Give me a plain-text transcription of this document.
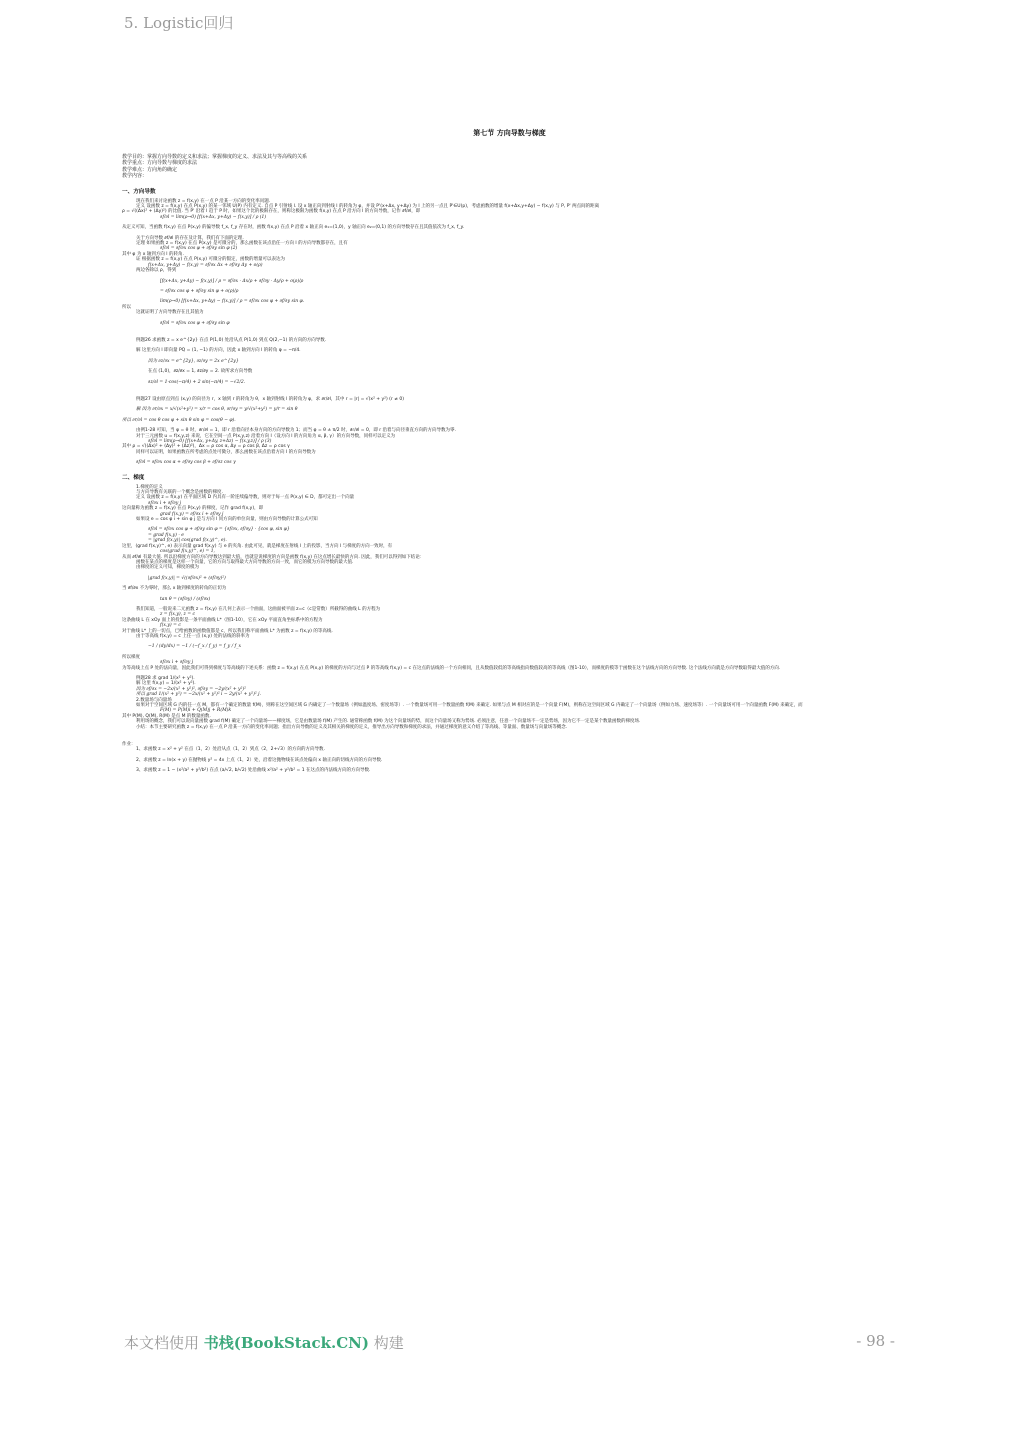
5. Logistic回归
第七节 方向导数与梯度

教学目的：掌握方向导数的定义和求法；掌握梯度的定义、求法及其与等高线的关系

教学重点：方向导数与梯度的求法

教学难点：方向角的确定

教学内容：

一、方向导数
现在我们来讨论函数 z = f(x,y) 在一点 P 沿某一方向的变化率问题.
定义 设函数 z = f(x,y) 在点 P(x,y) 的某一邻域 U(P) 内有定义. 自点 P 引射线 l. 设 x 轴正向到射线 l 的转角为 φ，并设 P'(x+Δx, y+Δy) 为 l 上的另一点且 P'∈U(p)，考虑函数的增量 f(x+Δx,y+Δy) − f(x,y) 与 P, P' 两点间的距离
ρ = √((Δx)² + (Δy)²) 的比值. 当 P' 沿着 l 趋于 P 时，如果这个比的极限存在，则称这极限为函数 f(x,y) 在点 P 沿方向 l 的方向导数，记作 ∂f/∂l，即
∂f/∂l = lim(ρ→0) [f(x+Δx, y+Δy) − f(x,y)] / ρ (1)
从定义可知，当函数 f(x,y) 在点 P(x,y) 的偏导数 f_x, f_y 存在时，函数 f(x,y) 在点 P 沿着 x 轴正向 e₁=(1,0)，y 轴正向 e₂=(0,1) 的方向导数存在且其值依次为 f_x, f_y.
关于方向导数 ∂f/∂l 的存在及计算，我们有下面的定理.
定理 如果函数 z = f(x,y) 在点 P(x,y) 是可微分的，那么函数在该点沿任一方向 l 的方向导数都存在，且有
∂f/∂l = ∂f/∂x cos φ + ∂f/∂y sin φ (2)
其中 φ 为 x 轴到方向 l 的转角.
证 根据函数 z = f(x,y) 在点 P(x,y) 可微分的假定，函数的增量可以表达为
f(x+Δx, y+Δy) − f(x,y) = ∂f/∂x Δx + ∂f/∂y Δy + o(ρ)
两边各除以 ρ，得到
[f(x+Δx, y+Δy) − f(x,y)] / ρ = ∂f/∂x · Δx/ρ + ∂f/∂y · Δy/ρ + o(ρ)/ρ
= ∂f/∂x cos φ + ∂f/∂y sin φ + o(ρ)/ρ
lim(ρ→0) [f(x+Δx, y+Δy) − f(x,y)] / ρ = ∂f/∂x cos φ + ∂f/∂y sin φ.
所以
这就证明了方向导数存在且其值为
∂f/∂l = ∂f/∂x cos φ + ∂f/∂y sin φ
例题26 求函数 z = x e^{2y} 在点 P(1,0) 处沿从点 P(1,0) 到点 Q(2,−1) 的方向的方向导数.
解 这里方向 l 即向量 PQ = (1, −1) 的方向，因此 x 轴到方向 l 的转角 φ = −π/4.
因为 ∂z/∂x = e^{2y}, ∂z/∂y = 2x e^{2y}
在点 (1,0)，∂z/∂x = 1, ∂z/∂y = 2. 故所求方向导数
∂z/∂l = 1·cos(−π/4) + 2 sin(−π/4) = −√2/2.
例题27 设由原点到点 (x,y) 的向径为 r，x 轴到 r 的转角为 θ，x 轴到射线 l 的转角为 φ，求 ∂r/∂l，其中 r = |r| = √(x² + y²) (r ≠ 0)
解 因为 ∂r/∂x = x/√(x²+y²) = x/r = cos θ, ∂r/∂y = y/√(x²+y²) = y/r = sin θ
所以 ∂r/∂l = cos θ cos φ + sin θ sin φ = cos(θ − φ).
由例1-28 可知，当 φ = θ 时，∂r/∂l = 1，即 r 沿着向径本身方向的方向导数为 1；而当 φ = θ ± π/2 时，∂r/∂l = 0，即 r 沿着与向径垂直方向的方向导数为零.
对于三元函数 u = f(x,y,z) 来说，它在空间一点 P(x,y,z) 沿着方向 l（设方向 l 的方向角为 α, β, γ）的方向导数，同样可以定义为
∂f/∂l = lim(ρ→0) [f(x+Δx, y+Δy, z+Δz) − f(x,y,z)] / ρ (3)
其中 ρ = √((Δx)² + (Δy)² + (Δz)²)，Δx = ρ cos α, Δy = ρ cos β, Δz = ρ cos γ
同样可以证明，如果函数在所考虑的点处可微分，那么函数在该点沿着方向 l 的方向导数为
∂f/∂l = ∂f/∂x cos α + ∂f/∂y cos β + ∂f/∂z cos γ
二、梯度
1.梯度的定义
与方向导数有关联的一个概念是函数的梯度.
定义 设函数 z = f(x,y) 在平面区域 D 内具有一阶连续偏导数，则对于每一点 P(x,y) ∈ D，都可定出一个向量
∂f/∂x i + ∂f/∂y j
这向量称为函数 z = f(x,y) 在点 P(x,y) 的梯度，记作 grad f(x,y)，即
grad f(x,y) = ∂f/∂x i + ∂f/∂y j
如果设 e = cos φ i + sin φ j 是与方向 l 同方向的单位向量，则由方向导数的计算公式可知
∂f/∂l = ∂f/∂x cos φ + ∂f/∂y sin φ = {∂f/∂x, ∂f/∂y} · {cos φ, sin φ}
= grad f(x,y) · e
= |grad f(x,y)| cos(grad f(x,y)^, e).
这里，(grad f(x,y)^, e) 表示向量 grad f(x,y) 与 e 的夹角. 由此可见，就是梯度在射线 l 上的投影，当方向 l 与梯度的方向一致时，有
cos(grad f(x,y)^, e) = 1,
从而 ∂f/∂l 有最大值. 所以沿梯度方向的方向导数达到最大值，也就是说梯度的方向是函数 f(x,y) 在这点增长最快的方向. 因此，我们可以得到如下结论：
函数在某点的梯度是这样一个向量，它的方向与取得最大方向导数的方向一致，而它的模为方向导数的最大值.
由梯度的定义可知，梯度的模为
|grad f(x,y)| = √((∂f/∂x)² + (∂f/∂y)²)
当 ∂f/∂x 不为零时，那么 x 轴到梯度的转角的正切为
tan θ = (∂f/∂y) / (∂f/∂x)
我们知道，一般说来二元函数 z = f(x,y) 在几何上表示一个曲面，这曲面被平面 z=c（c是常数）所截得的曲线 L 的方程为
z = f(x,y), z = c
这条曲线 L 在 xOy 面上的投影是一条平面曲线 L*（图1-10），它在 xOy 平面直角坐标系中的方程为
f(x,y) = c
对于曲线 L* 上的一切点，已给函数的函数值都是 c，所以我们称平面曲线 L* 为函数 z = f(x,y) 的等高线.
由于等高线 f(x,y) = c 上任一点 (x,y) 处的法线的斜率为
−1 / (dy/dx) = −1 / (−f_x / f_y) = f_y / f_x
所以梯度
∂f/∂x i + ∂f/∂y j
为等高线上点 P 处的法向量，因此我们可得到梯度与等高线的下述关系：函数 z = f(x,y) 在点 P(x,y) 的梯度的方向与过点 P 的等高线 f(x,y) = c 在这点的法线的一个方向相同，且从数值较低的等高线指向数值较高的等高线（图1-10），而梯度的模等于函数在这个法线方向的方向导数. 这个法线方向就是方向导数取得最大值的方向.
例题28 求 grad 1/(x² + y²).
解 这里 f(x,y) = 1/(x² + y²).
因为 ∂f/∂x = −2x/(x² + y²)², ∂f/∂y = −2y/(x² + y²)²
所以 grad 1/(x² + y²) = −2x/(x² + y²)² i − 2y/(x² + y²)² j.
2.数量场与向量场
如果对于空间区域 G 内的任一点 M，都有一个确定的数量 f(M)，则称在这空间区域 G 内确定了一个数量场（例如温度场、密度场等）. 一个数量场可用一个数量函数 f(M) 来确定. 如果与点 M 相对应的是一个向量 F(M)，则称在这空间区域 G 内确定了一个向量场（例如力场、速度场等）. 一个向量场可用一个向量函数 F(M) 来确定，而
F(M) = P(M)i + Q(M)j + R(M)k
其中 P(M), Q(M), R(M) 是点 M 的数量函数.
利用场的概念，我们可以说向量函数 grad f(M) 确定了一个向量场——梯度场，它是由数量场 f(M) 产生的. 通常称函数 f(M) 为这个向量场的势，而这个向量场又称为势场. 必须注意，任意一个向量场不一定是势场，因为它不一定是某个数量函数的梯度场.
小结：本节主要研究函数 z = f(x,y) 在一点 P 沿某一方向的变化率问题；指出方向导数的定义及其相关的梯度的定义，推导出方向导数和梯度的求法，并通过梯度的意义介绍了等高线、等量面、数量场与向量场等概念.
作业：
1、求函数 z = x² + y² 在点（1，2）处沿从点（1，2）到点（2，2+√3）的方向的方向导数.
2、求函数 z = ln(x + y) 在抛物线 y² = 4x 上点（1，2）处，沿着这抛物线在该点处偏向 x 轴正向的切线方向的方向导数.
3、求函数 z = 1 − (x²/a² + y²/b²) 在点 (a/√2, b/√2) 处沿曲线 x²/a² + y²/b² = 1 在这点的内法线方向的方向导数.
本文档使用 书栈(BookStack.CN) 构建	- 98 -
